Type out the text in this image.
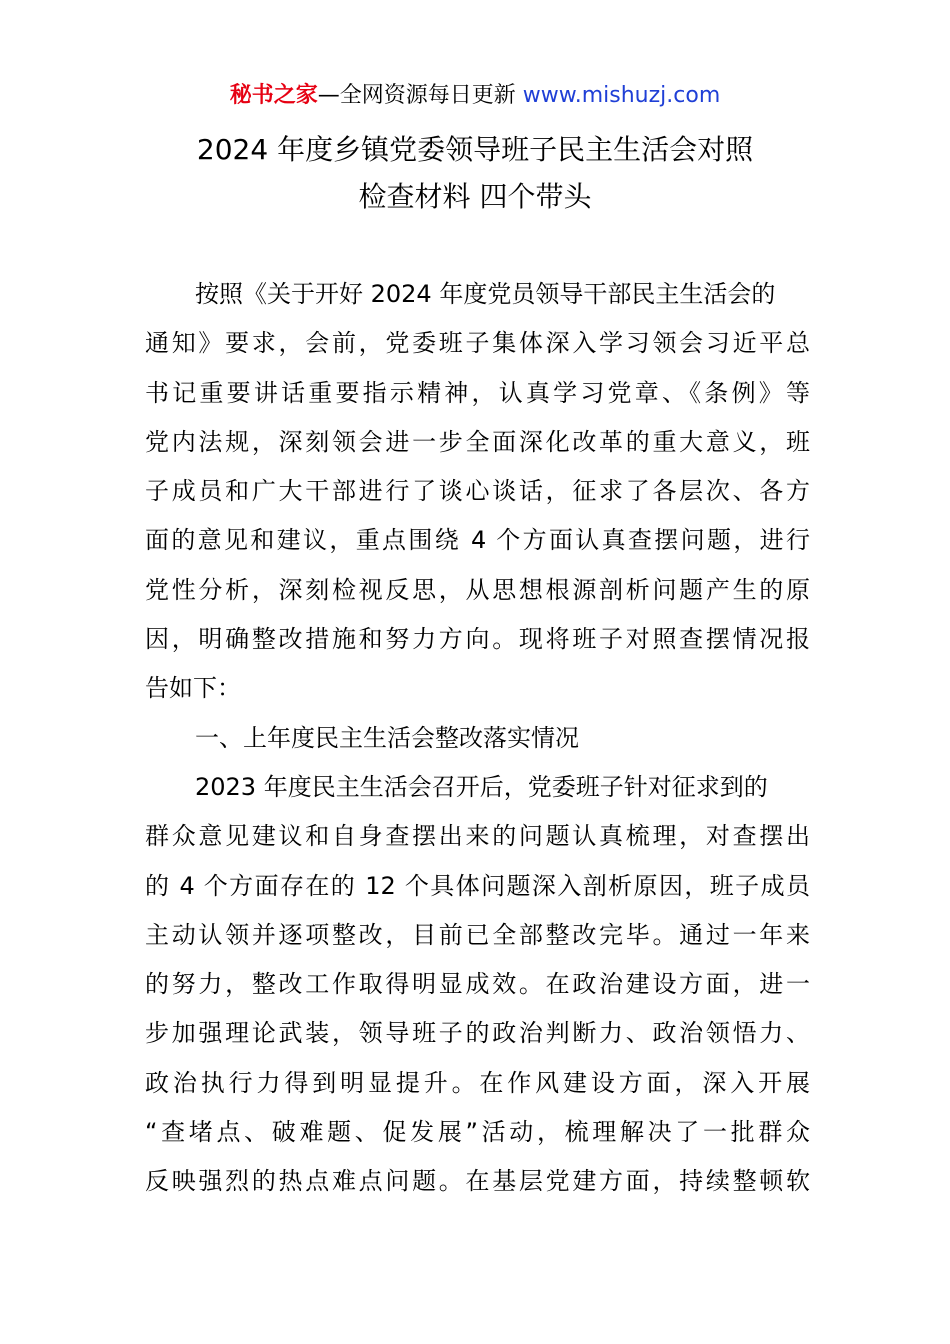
秘书之家—全网资源每日更新 www.mishuzj.com
2024 年度乡镇党委领导班子民主生活会对照
检查材料 四个带头
按照《关于开好 2024 年度党员领导干部民主生活会的
通知》要求，会前，党委班子集体深入学习领会习近平总
书记重要讲话重要指示精神，认真学习党章、《条例》等
党内法规，深刻领会进一步全面深化改革的重大意义，班
子成员和广大干部进行了谈心谈话，征求了各层次、各方
面的意见和建议，重点围绕 4 个方面认真查摆问题，进行
党性分析，深刻检视反思，从思想根源剖析问题产生的原
因，明确整改措施和努力方向。现将班子对照查摆情况报
告如下：
一、上年度民主生活会整改落实情况
2023 年度民主生活会召开后，党委班子针对征求到的
群众意见建议和自身查摆出来的问题认真梳理，对查摆出
的 4 个方面存在的 12 个具体问题深入剖析原因，班子成员
主动认领并逐项整改，目前已全部整改完毕。通过一年来
的努力，整改工作取得明显成效。在政治建设方面，进一
步加强理论武装，领导班子的政治判断力、政治领悟力、
政治执行力得到明显提升。在作风建设方面，深入开展
“查堵点、破难题、促发展”活动，梳理解决了一批群众
反映强烈的热点难点问题。在基层党建方面，持续整顿软
